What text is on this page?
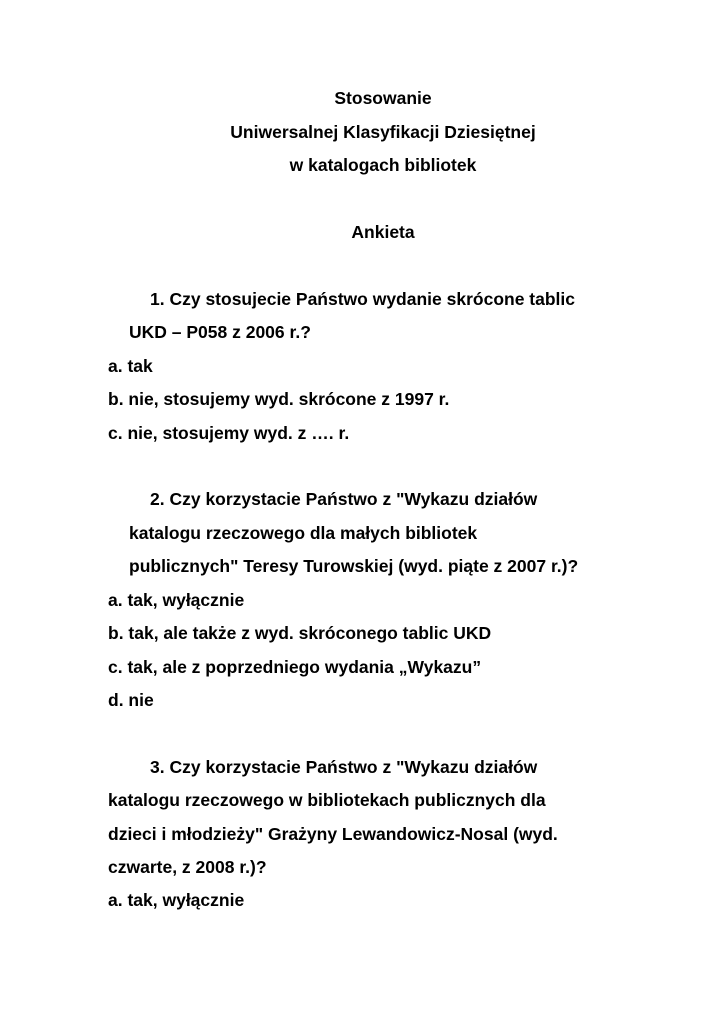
Stosowanie
Uniwersalnej Klasyfikacji Dziesiętnej
w katalogach bibliotek
Ankieta
1. Czy stosujecie Państwo wydanie skrócone tablic
UKD – P058 z 2006 r.?
a. tak
b. nie, stosujemy wyd. skrócone z 1997 r.
c. nie, stosujemy wyd. z …. r.
2. Czy korzystacie Państwo z "Wykazu działów
katalogu rzeczowego dla małych bibliotek
publicznych" Teresy Turowskiej (wyd. piąte z 2007 r.)?
a. tak, wyłącznie
b. tak, ale także z wyd. skróconego tablic UKD
c. tak, ale z poprzedniego wydania „Wykazu”
d. nie
3. Czy korzystacie Państwo z "Wykazu działów
katalogu rzeczowego w bibliotekach publicznych dla
dzieci i młodzieży" Grażyny Lewandowicz-Nosal (wyd.
czwarte, z 2008 r.)?
a. tak, wyłącznie
